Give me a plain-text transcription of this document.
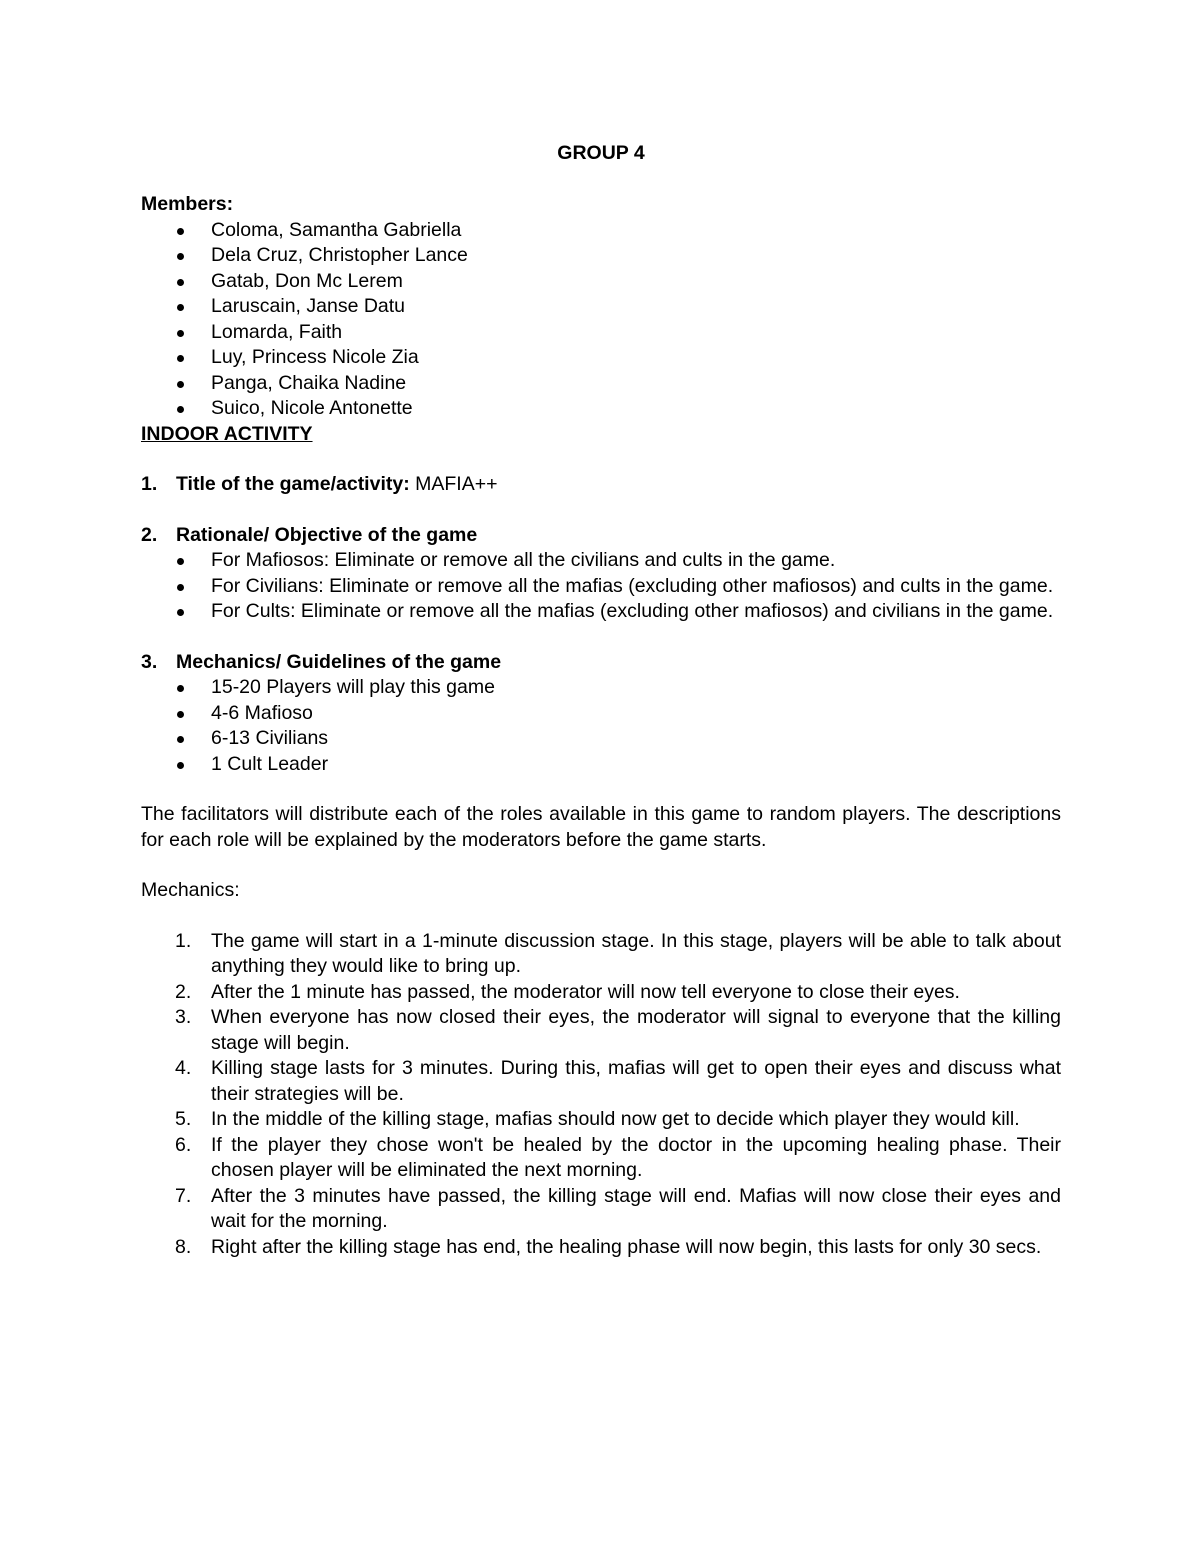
GROUP 4
Members:
Coloma, Samantha Gabriella
Dela Cruz, Christopher Lance
Gatab, Don Mc Lerem
Laruscain, Janse Datu
Lomarda, Faith
Luy, Princess Nicole Zia
Panga, Chaika Nadine
Suico, Nicole Antonette
INDOOR ACTIVITY
1. Title of the game/activity: MAFIA++
2. Rationale/ Objective of the game
For Mafiosos: Eliminate or remove all the civilians and cults in the game.
For Civilians: Eliminate or remove all the mafias (excluding other mafiosos) and cults in the game.
For Cults: Eliminate or remove all the mafias (excluding other mafiosos) and civilians in the game.
3. Mechanics/ Guidelines of the game
15-20 Players will play this game
4-6 Mafioso
6-13 Civilians
1 Cult Leader

The facilitators will distribute each of the roles available in this game to random players. The descriptions for each role will be explained by the moderators before the game starts.

Mechanics:
1. The game will start in a 1-minute discussion stage. In this stage, players will be able to talk about anything they would like to bring up.
2. After the 1 minute has passed, the moderator will now tell everyone to close their eyes.
3. When everyone has now closed their eyes, the moderator will signal to everyone that the killing stage will begin.
4. Killing stage lasts for 3 minutes. During this, mafias will get to open their eyes and discuss what their strategies will be.
5. In the middle of the killing stage, mafias should now get to decide which player they would kill.
6. If the player they chose won't be healed by the doctor in the upcoming healing phase. Their chosen player will be eliminated the next morning.
7. After the 3 minutes have passed, the killing stage will end. Mafias will now close their eyes and wait for the morning.
8. Right after the killing stage has end, the healing phase will now begin, this lasts for only 30 secs.
